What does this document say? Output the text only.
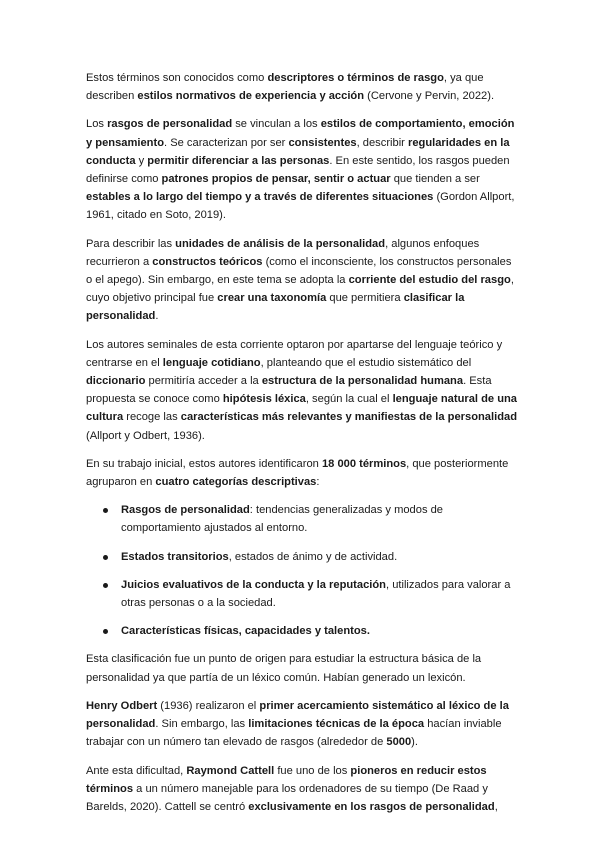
Estos términos son conocidos como descriptores o términos de rasgo, ya que describen estilos normativos de experiencia y acción (Cervone y Pervin, 2022).

Los rasgos de personalidad se vinculan a los estilos de comportamiento, emoción y pensamiento. Se caracterizan por ser consistentes, describir regularidades en la conducta y permitir diferenciar a las personas. En este sentido, los rasgos pueden definirse como patrones propios de pensar, sentir o actuar que tienden a ser estables a lo largo del tiempo y a través de diferentes situaciones (Gordon Allport, 1961, citado en Soto, 2019).

Para describir las unidades de análisis de la personalidad, algunos enfoques recurrieron a constructos teóricos (como el inconsciente, los constructos personales o el apego). Sin embargo, en este tema se adopta la corriente del estudio del rasgo, cuyo objetivo principal fue crear una taxonomía que permitiera clasificar la personalidad.

Los autores seminales de esta corriente optaron por apartarse del lenguaje teórico y centrarse en el lenguaje cotidiano, planteando que el estudio sistemático del diccionario permitiría acceder a la estructura de la personalidad humana. Esta propuesta se conoce como hipótesis léxica, según la cual el lenguaje natural de una cultura recoge las características más relevantes y manifiestas de la personalidad (Allport y Odbert, 1936).

En su trabajo inicial, estos autores identificaron 18 000 términos, que posteriormente agruparon en cuatro categorías descriptivas:

Rasgos de personalidad: tendencias generalizadas y modos de comportamiento ajustados al entorno.
Estados transitorios, estados de ánimo y de actividad.
Juicios evaluativos de la conducta y la reputación, utilizados para valorar a otras personas o a la sociedad.
Características físicas, capacidades y talentos.

Esta clasificación fue un punto de origen para estudiar la estructura básica de la personalidad ya que partía de un léxico común. Habían generado un lexicón.

Henry Odbert (1936) realizaron el primer acercamiento sistemático al léxico de la personalidad. Sin embargo, las limitaciones técnicas de la época hacían inviable trabajar con un número tan elevado de rasgos (alrededor de 5000).

Ante esta dificultad, Raymond Cattell fue uno de los pioneros en reducir estos términos a un número manejable para los ordenadores de su tiempo (De Raad y Barelds, 2020). Cattell se centró exclusivamente en los rasgos de personalidad,
